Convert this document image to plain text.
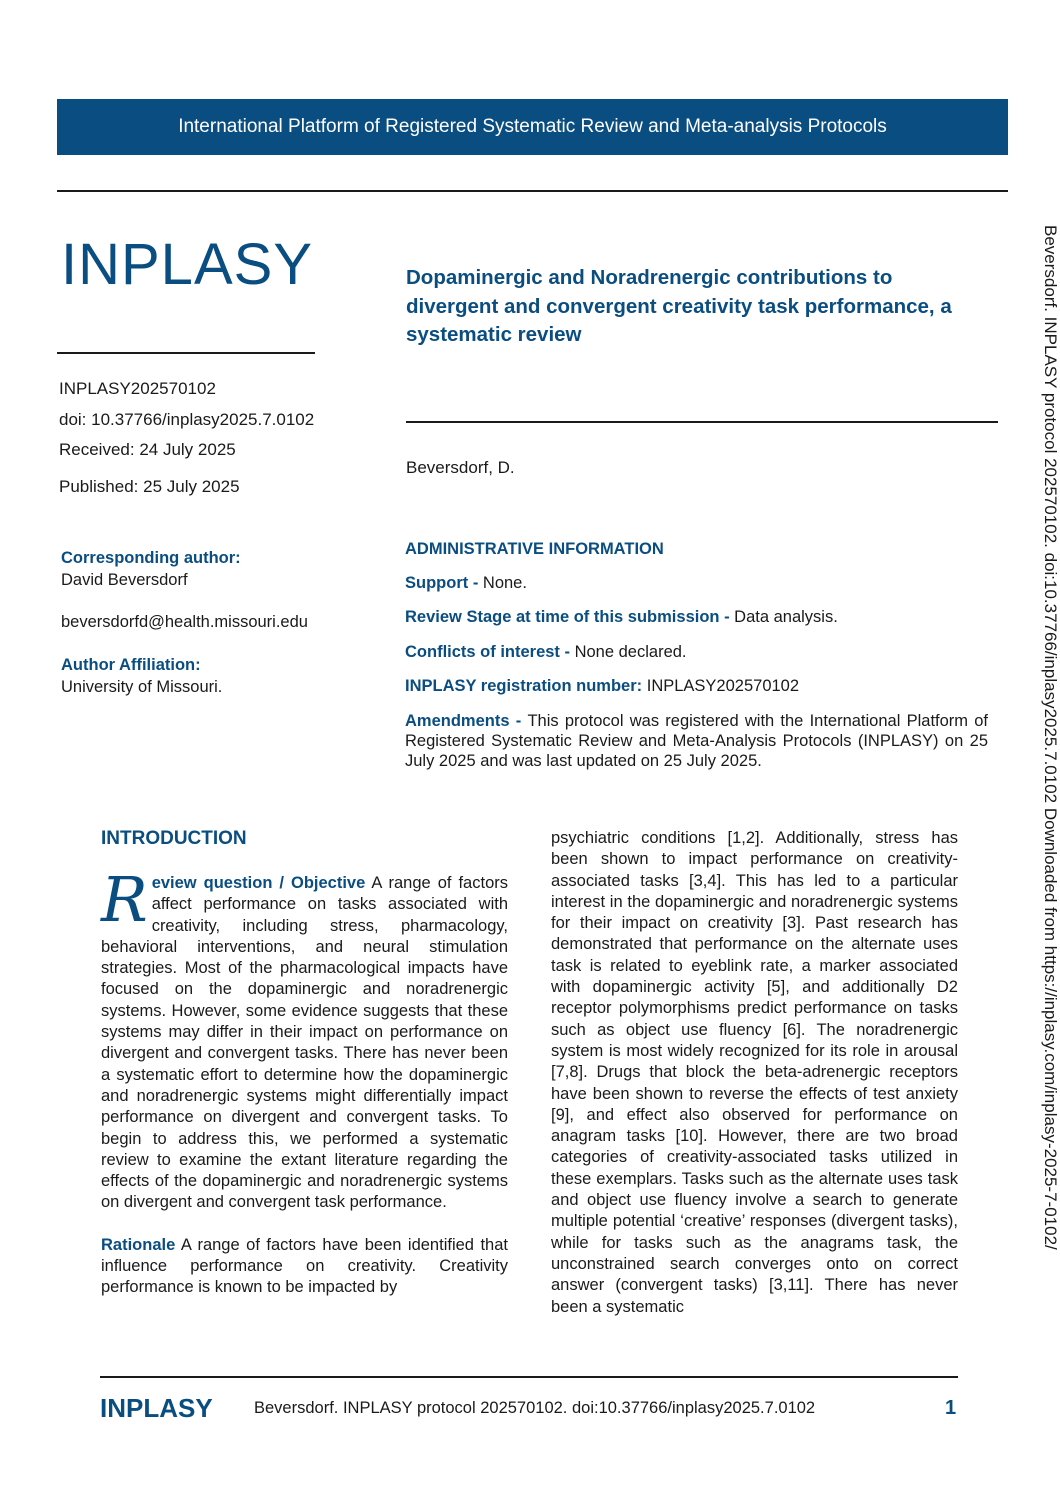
International Platform of Registered Systematic Review and Meta-analysis Protocols
INPLASY	Dopaminergic and Noradrenergic contributions to divergent and convergent creativity task performance, a systematic review
INPLASY202570102
doi: 10.37766/inplasy2025.7.0102
Received: 24 July 2025
Published: 25 July 2025
Beversdorf, D.
Corresponding author:
David Beversdorf
beversdorfd@health.missouri.edu
Author Affiliation:
University of Missouri.
ADMINISTRATIVE INFORMATION
Support - None.
Review Stage at time of this submission - Data analysis.
Conflicts of interest - None declared.
INPLASY registration number: INPLASY202570102
Amendments - This protocol was registered with the International Platform of Registered Systematic Review and Meta-Analysis Protocols (INPLASY) on 25 July 2025 and was last updated on 25 July 2025.
INTRODUCTION

Review question / Objective A range of factors affect performance on tasks associated with creativity, including stress, pharmacology, behavioral interventions, and neural stimulation strategies. Most of the pharmacological impacts have focused on the dopaminergic and noradrenergic systems. However, some evidence suggests that these systems may differ in their impact on performance on divergent and convergent tasks. There has never been a systematic effort to determine how the dopaminergic and noradrenergic systems might differentially impact performance on divergent and convergent tasks. To begin to address this, we performed a systematic review to examine the extant literature regarding the effects of the dopaminergic and noradrenergic systems on divergent and convergent task performance.

Rationale A range of factors have been identified that influence performance on creativity. Creativity performance is known to be impacted by

psychiatric conditions [1,2]. Additionally, stress has been shown to impact performance on creativity-associated tasks [3,4]. This has led to a particular interest in the dopaminergic and noradrenergic systems for their impact on creativity [3]. Past research has demonstrated that performance on the alternate uses task is related to eyeblink rate, a marker associated with dopaminergic activity [5], and additionally D2 receptor polymorphisms predict performance on tasks such as object use fluency [6]. The noradrenergic system is most widely recognized for its role in arousal [7,8]. Drugs that block the beta-adrenergic receptors have been shown to reverse the effects of test anxiety [9], and effect also observed for performance on anagram tasks [10]. However, there are two broad categories of creativity-associated tasks utilized in these exemplars. Tasks such as the alternate uses task and object use fluency involve a search to generate multiple potential ‘creative’ responses (divergent tasks), while for tasks such as the anagrams task, the unconstrained search converges onto on correct answer (convergent tasks) [3,11]. There has never been a systematic

Beversdorf. INPLASY protocol 202570102. doi:10.37766/inplasy2025.7.0102 Downloaded from https://inplasy.com/inplasy-2025-7-0102/
INPLASY	Beversdorf. INPLASY protocol 202570102. doi:10.37766/inplasy2025.7.0102	1
